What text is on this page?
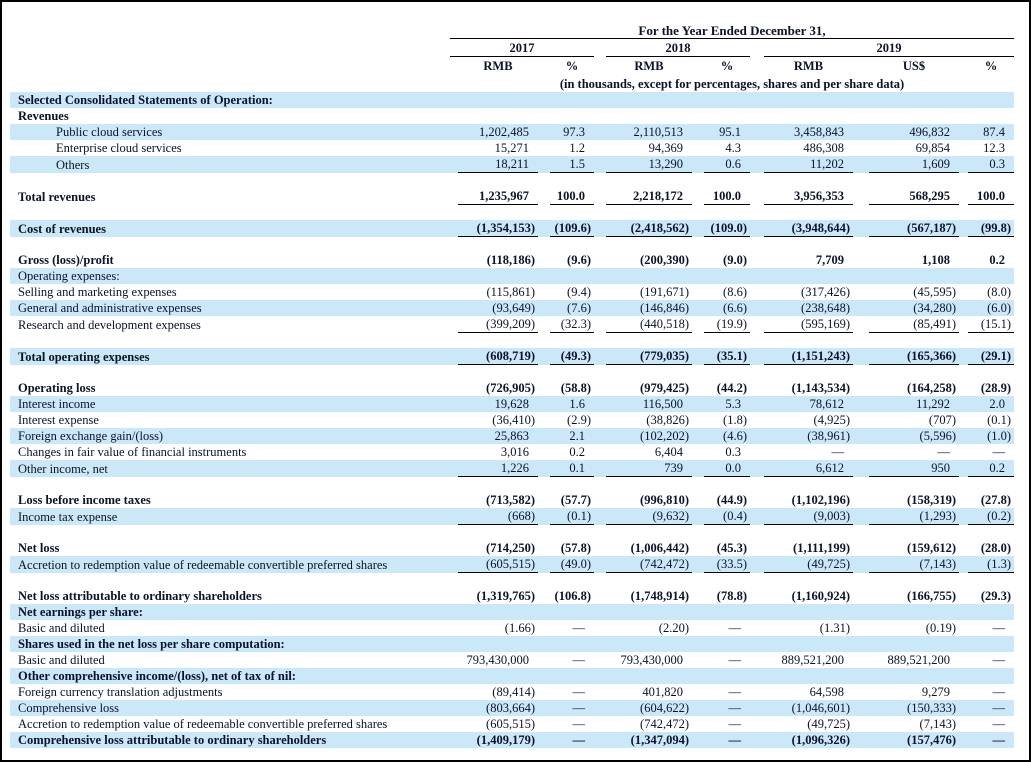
	For the Year Ended December 31,													
	2017					2018				2019				
		RMB		%		RMB		%		RMB		US$		%
	(in thousands, except for percentages, shares and per share data)													
Selected Consolidated Statements of Operation:														
Revenues														
Public cloud services		1,202,485		97.3		2,110,513		95.1		3,458,843		496,832		87.4
Enterprise cloud services		15,271		1.2		94,369		4.3		486,308		69,854		12.3
Others		18,211		1.5		13,290		0.6		11,202		1,609		0.3

Total revenues		1,235,967		100.0		2,218,172		100.0		3,956,353		568,295		100.0

Cost of revenues		(1,354,153)		(109.6)		(2,418,562)		(109.0)		(3,948,644)		(567,187)		(99.8)

Gross (loss)/profit		(118,186)		(9.6)		(200,390)		(9.0)		7,709		1,108		0.2
Operating expenses:														
Selling and marketing expenses		(115,861)		(9.4)		(191,671)		(8.6)		(317,426)		(45,595)		(8.0)
General and administrative expenses		(93,649)		(7.6)		(146,846)		(6.6)		(238,648)		(34,280)		(6.0)
Research and development expenses		(399,209)		(32.3)		(440,518)		(19.9)		(595,169)		(85,491)		(15.1)

Total operating expenses		(608,719)		(49.3)		(779,035)		(35.1)		(1,151,243)		(165,366)		(29.1)

Operating loss		(726,905)		(58.8)		(979,425)		(44.2)		(1,143,534)		(164,258)		(28.9)
Interest income		19,628		1.6		116,500		5.3		78,612		11,292		2.0
Interest expense		(36,410)		(2.9)		(38,826)		(1.8)		(4,925)		(707)		(0.1)
Foreign exchange gain/(loss)		25,863		2.1		(102,202)		(4.6)		(38,961)		(5,596)		(1.0)
Changes in fair value of financial instruments		3,016		0.2		6,404		0.3		—		—		—
Other income, net		1,226		0.1		739		0.0		6,612		950		0.2

Loss before income taxes		(713,582)		(57.7)		(996,810)		(44.9)		(1,102,196)		(158,319)		(27.8)
Income tax expense		(668)		(0.1)		(9,632)		(0.4)		(9,003)		(1,293)		(0.2)

Net loss		(714,250)		(57.8)		(1,006,442)		(45.3)		(1,111,199)		(159,612)		(28.0)
Accretion to redemption value of redeemable convertible preferred shares		(605,515)		(49.0)		(742,472)		(33.5)		(49,725)		(7,143)		(1.3)

Net loss attributable to ordinary shareholders		(1,319,765)		(106.8)		(1,748,914)		(78.8)		(1,160,924)		(166,755)		(29.3)
Net earnings per share:														
Basic and diluted		(1.66)		—		(2.20)		—		(1.31)		(0.19)		—
Shares used in the net loss per share computation:														
Basic and diluted		793,430,000		—		793,430,000		—		889,521,200		889,521,200		—
Other comprehensive income/(loss), net of tax of nil:														
Foreign currency translation adjustments		(89,414)		—		401,820		—		64,598		9,279		—
Comprehensive loss		(803,664)		—		(604,622)		—		(1,046,601)		(150,333)		—
Accretion to redemption value of redeemable convertible preferred shares		(605,515)		—		(742,472)		—		(49,725)		(7,143)		—
Comprehensive loss attributable to ordinary shareholders		(1,409,179)		—		(1,347,094)		—		(1,096,326)		(157,476)		—
